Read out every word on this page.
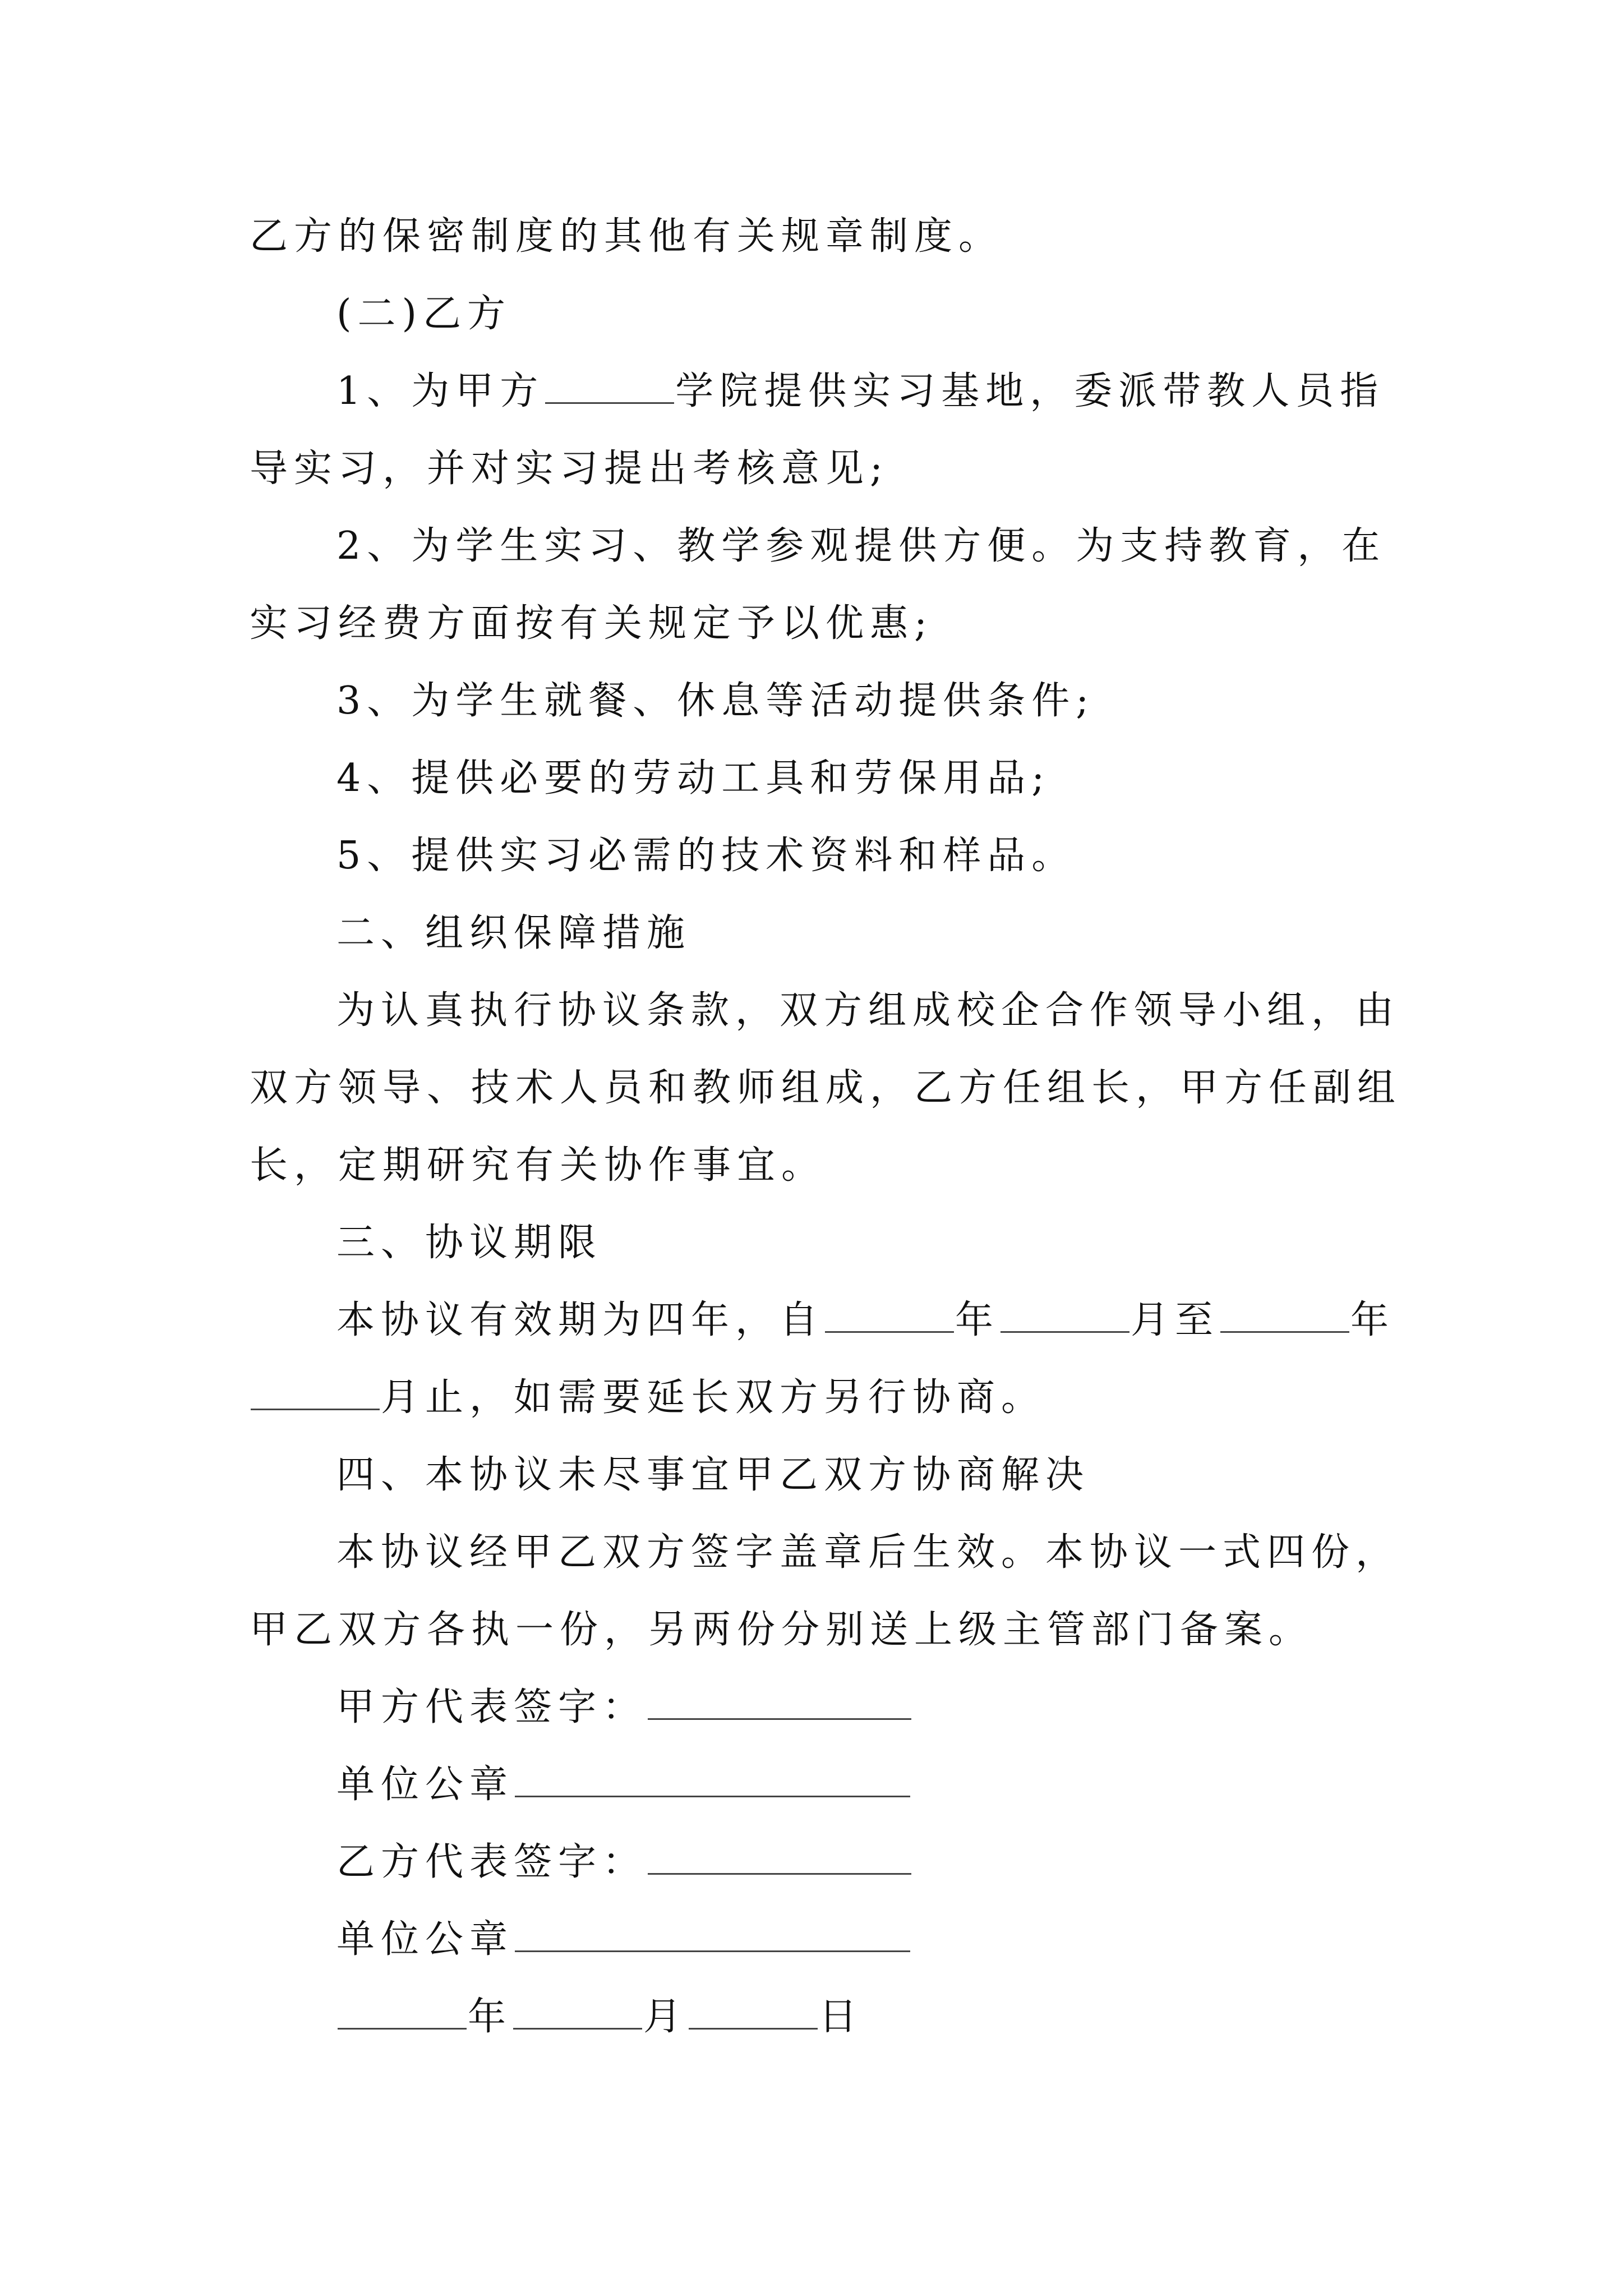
乙方的保密制度的其他有关规章制度。
(二)乙方
1、为甲方	学院提供实习基地，委派带教人员指
导实习，并对实习提出考核意见;
2、为学生实习、教学参观提供方便。为支持教育，在
实习经费方面按有关规定予以优惠;
3、为学生就餐、休息等活动提供条件;
4、提供必要的劳动工具和劳保用品;
5、提供实习必需的技术资料和样品。
二、组织保障措施
为认真执行协议条款，双方组成校企合作领导小组，由
双方领导、技术人员和教师组成，乙方任组长，甲方任副组
长，定期研究有关协作事宜。
三、协议期限
本协议有效期为四年，自	年	月至	年
月止，如需要延长双方另行协商。
四、本协议未尽事宜甲乙双方协商解决
本协议经甲乙双方签字盖章后生效。本协议一式四份，
甲乙双方各执一份，另两份分别送上级主管部门备案。
甲方代表签字：
单位公章
乙方代表签字：
单位公章
年	月	日
